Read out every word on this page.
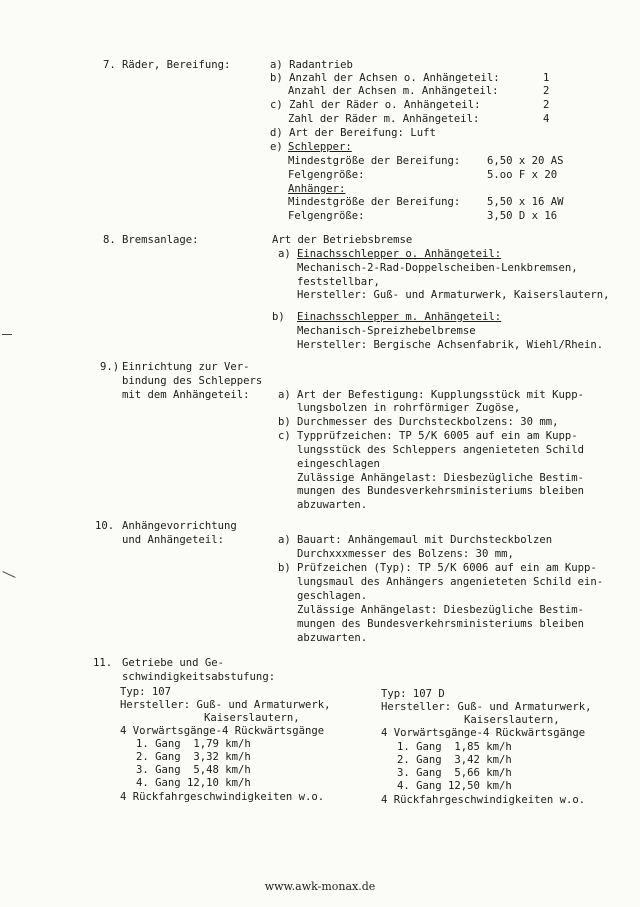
7. Räder, Bereifung:	a) Radantrieb
b) Anzahl der Achsen o. Anhängeteil:	1
Anzahl der Achsen m. Anhängeteil:	2
c) Zahl der Räder o. Anhängeteil:	2
Zahl der Räder m. Anhängeteil:	4
d) Art der Bereifung: Luft
e) Schlepper:
Mindestgröße der Bereifung:	6,50 x 20 AS
Felgengröße:	5.oo F x 20
Anhänger:
Mindestgröße der Bereifung:	5,50 x 16 AW
Felgengröße:	3,50 D x 16
8. Bremsanlage:	Art der Betriebsbremse
a) Einachsschlepper o. Anhängeteil:
Mechanisch-2-Rad-Doppelscheiben-Lenkbremsen,
feststellbar,
Hersteller: Guß- und Armaturwerk, Kaiserslautern,
b) Einachsschlepper m. Anhängeteil:
Mechanisch-Spreizhebelbremse
Hersteller: Bergische Achsenfabrik, Wiehl/Rhein.
9.) Einrichtung zur Ver-
bindung des Schleppers
mit dem Anhängeteil:	a) Art der Befestigung: Kupplungsstück mit Kupp-
lungsbolzen in rohrförmiger Zugöse,
b) Durchmesser des Durchsteckbolzens: 30 mm,
c) Typprüfzeichen: TP 5/K 6005 auf ein am Kupp-
lungsstück des Schleppers angenieteten Schild
eingeschlagen
Zulässige Anhängelast: Diesbezügliche Bestim-
mungen des Bundesverkehrsministeriums bleiben
abzuwarten.
10. Anhängevorrichtung
und Anhängeteil:	a) Bauart: Anhängemaul mit Durchsteckbolzen
Durchxxxmesser des Bolzens: 30 mm,
b) Prüfzeichen (Typ): TP 5/K 6006 auf ein am Kupp-
lungsmaul des Anhängers angenieteten Schild ein-
geschlagen.
Zulässige Anhängelast: Diesbezügliche Bestim-
mungen des Bundesverkehrsministeriums bleiben
abzuwarten.
11. Getriebe und Ge-
schwindigkeitsabstufung:
Typ: 107
Hersteller: Guß- und Armaturwerk,
Kaiserslautern,
4 Vorwärtsgänge-4 Rückwärtsgänge
1. Gang  1,79 km/h
2. Gang  3,32 km/h
3. Gang  5,48 km/h
4. Gang 12,10 km/h
4 Rückfahrgeschwindigkeiten w.o.
Typ: 107 D
Hersteller: Guß- und Armaturwerk,
Kaiserslautern,
4 Vorwärtsgänge-4 Rückwärtsgänge
1. Gang  1,85 km/h
2. Gang  3,42 km/h
3. Gang  5,66 km/h
4. Gang 12,50 km/h
4 Rückfahrgeschwindigkeiten w.o.
www.awk-monax.de
